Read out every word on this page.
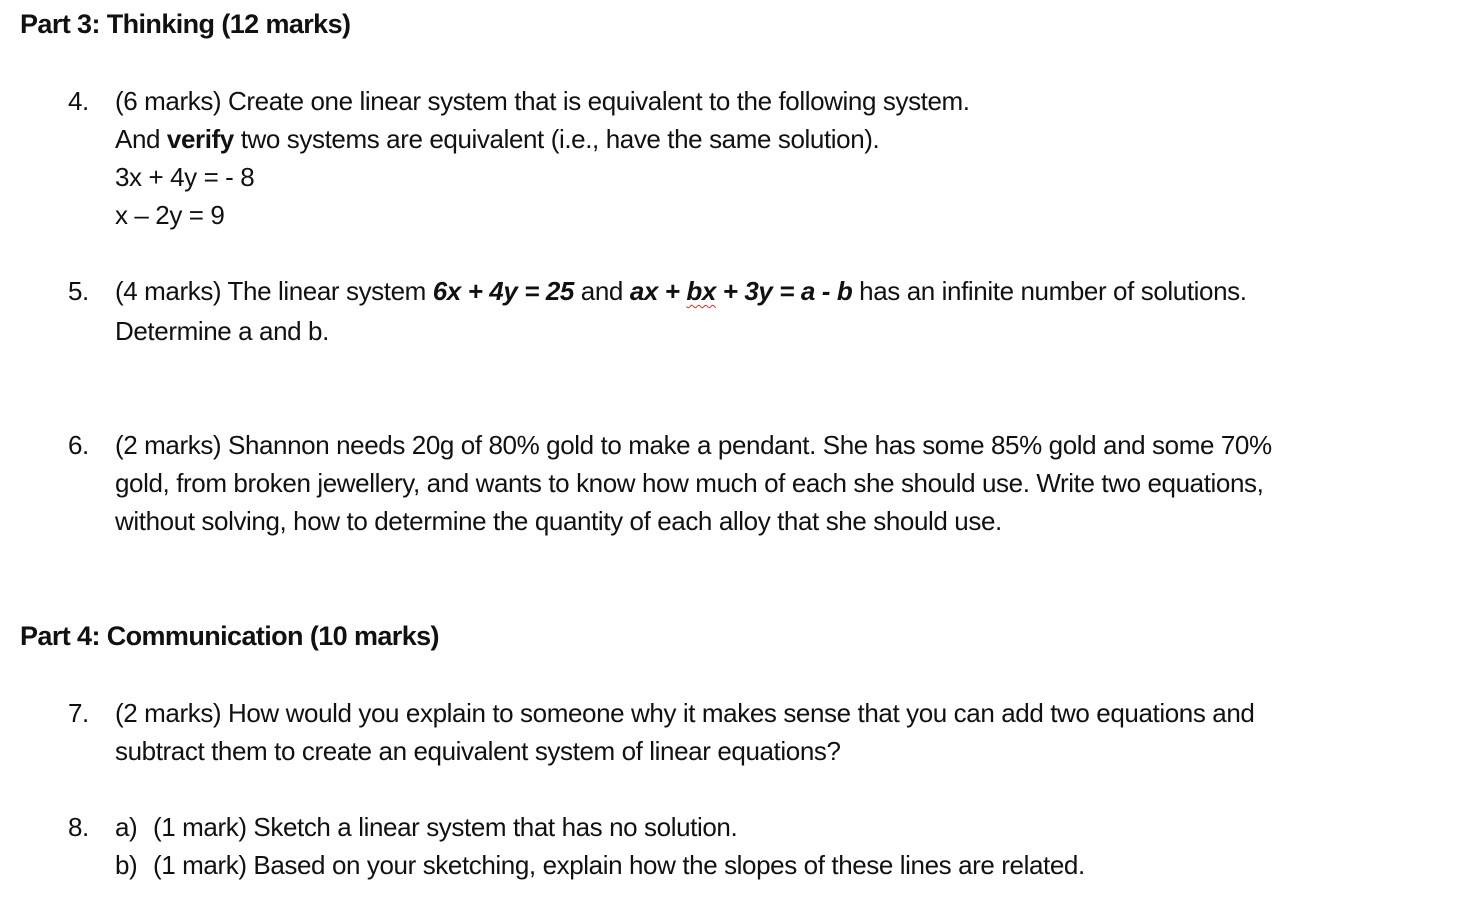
Part 3: Thinking (12 marks)
4.	(6 marks) Create one linear system that is equivalent to the following system.
And verify two systems are equivalent (i.e., have the same solution).
3x + 4y = - 8
x – 2y = 9
5.	(4 marks) The linear system 6x + 4y = 25 and ax + bx + 3y = a - b has an infinite number of solutions.
Determine a and b.
6.	(2 marks) Shannon needs 20g of 80% gold to make a pendant. She has some 85% gold and some 70%
gold, from broken jewellery, and wants to know how much of each she should use. Write two equations,
without solving, how to determine the quantity of each alloy that she should use.
Part 4: Communication (10 marks)
7.	(2 marks) How would you explain to someone why it makes sense that you can add two equations and
subtract them to create an equivalent system of linear equations?
8.	a) (1 mark) Sketch a linear system that has no solution.
b) (1 mark) Based on your sketching, explain how the slopes of these lines are related.
